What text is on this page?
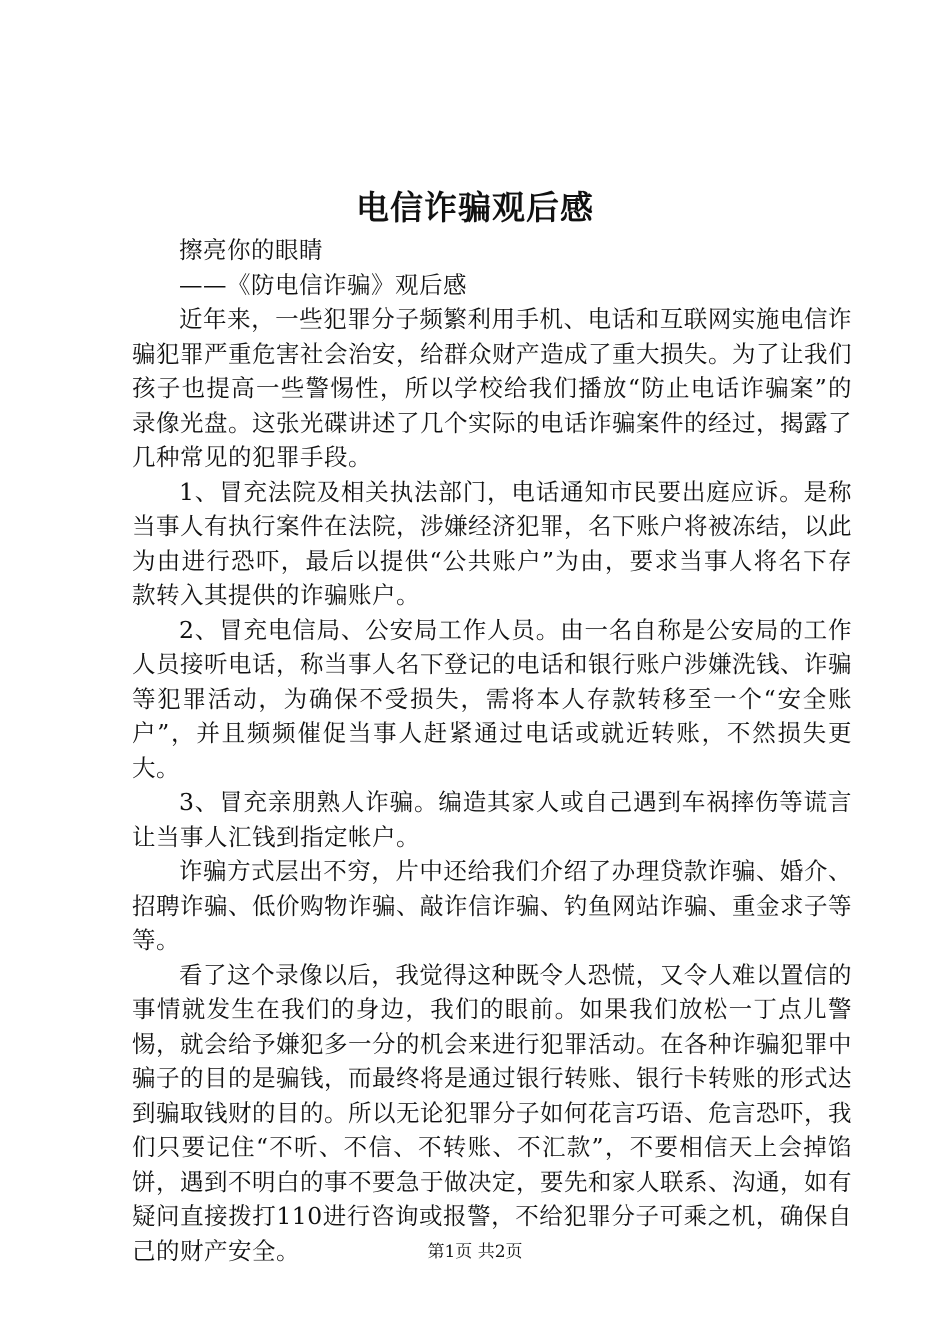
电信诈骗观后感

擦亮你的眼睛

——《防电信诈骗》观后感

近年来，一些犯罪分子频繁利用手机、电话和互联网实施电信诈骗犯罪严重危害社会治安，给群众财产造成了重大损失。为了让我们孩子也提高一些警惕性，所以学校给我们播放“防止电话诈骗案”的录像光盘。这张光碟讲述了几个实际的电话诈骗案件的经过，揭露了几种常见的犯罪手段。

1、冒充法院及相关执法部门，电话通知市民要出庭应诉。是称当事人有执行案件在法院，涉嫌经济犯罪，名下账户将被冻结，以此为由进行恐吓，最后以提供“公共账户”为由，要求当事人将名下存款转入其提供的诈骗账户。

2、冒充电信局、公安局工作人员。由一名自称是公安局的工作人员接听电话，称当事人名下登记的电话和银行账户涉嫌洗钱、诈骗等犯罪活动，为确保不受损失，需将本人存款转移至一个“安全账户”，并且频频催促当事人赶紧通过电话或就近转账，不然损失更大。

3、冒充亲朋熟人诈骗。编造其家人或自己遇到车祸摔伤等谎言让当事人汇钱到指定帐户。

诈骗方式层出不穷，片中还给我们介绍了办理贷款诈骗、婚介、招聘诈骗、低价购物诈骗、敲诈信诈骗、钓鱼网站诈骗、重金求子等等。

看了这个录像以后，我觉得这种既令人恐慌，又令人难以置信的事情就发生在我们的身边，我们的眼前。如果我们放松一丁点儿警惕，就会给予嫌犯多一分的机会来进行犯罪活动。在各种诈骗犯罪中骗子的目的是骗钱，而最终将是通过银行转账、银行卡转账的形式达到骗取钱财的目的。所以无论犯罪分子如何花言巧语、危言恐吓，我们只要记住“不听、不信、不转账、不汇款”，不要相信天上会掉馅饼，遇到不明白的事不要急于做决定，要先和家人联系、沟通，如有疑问直接拨打110进行咨询或报警，不给犯罪分子可乘之机，确保自己的财产安全。	第1页 共2页
